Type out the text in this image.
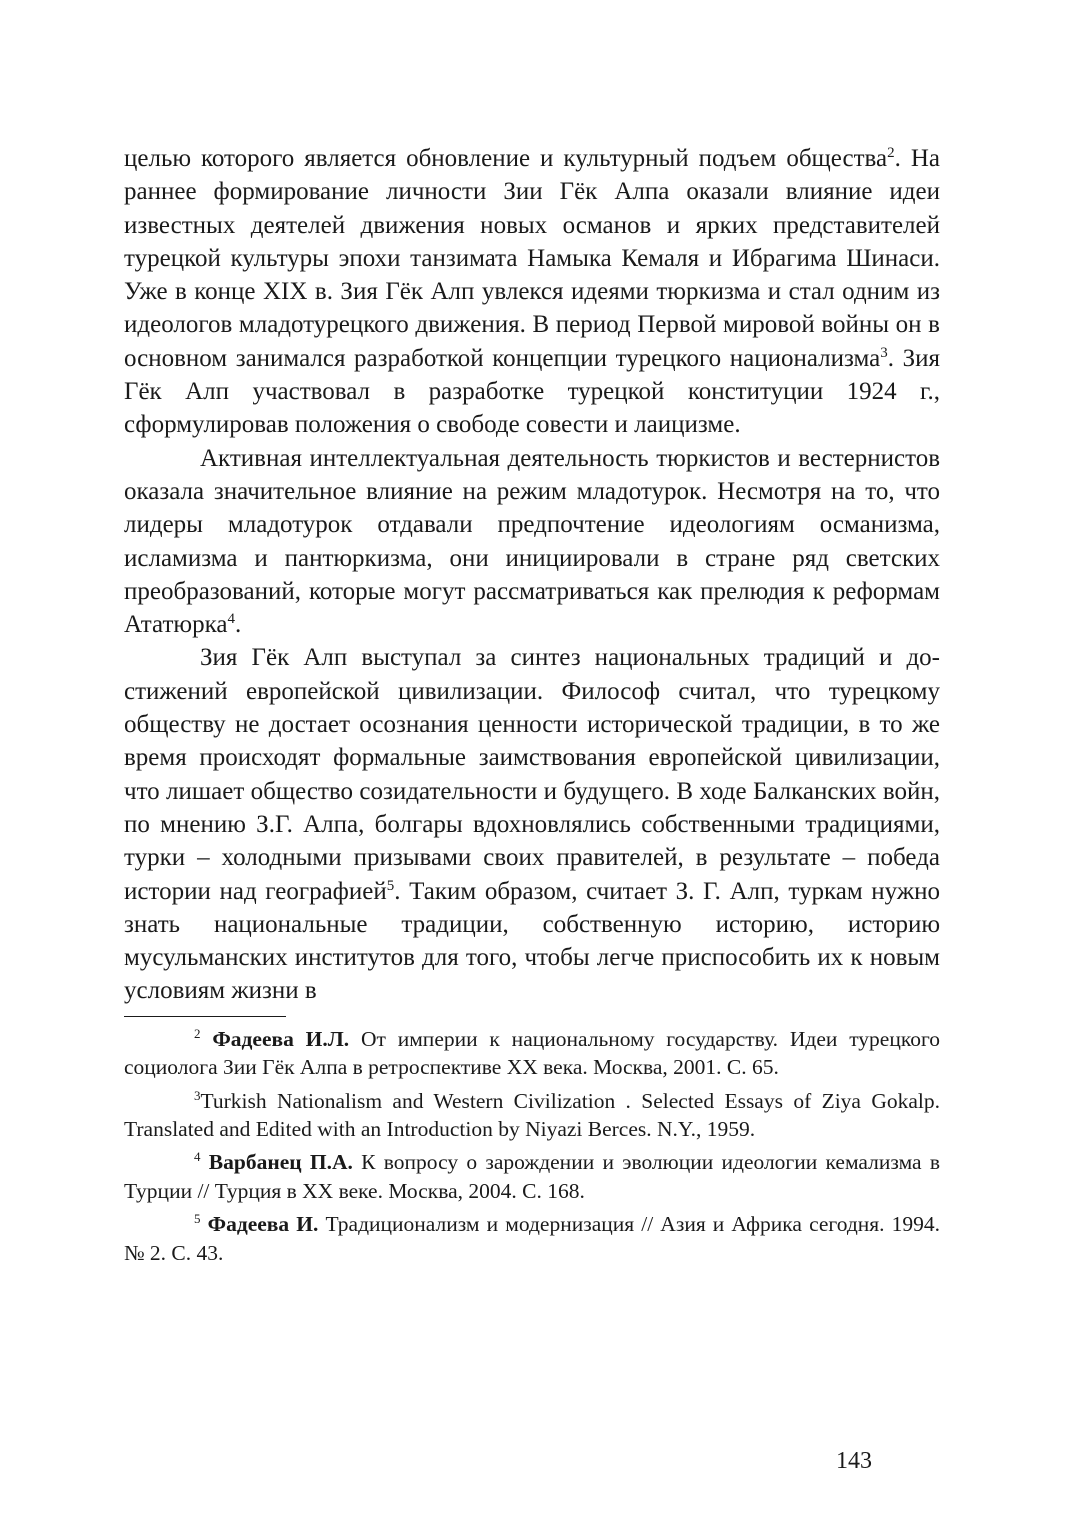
целью которого является обновление и культурный подъем общества$^2$. На раннее формирование личности Зии Гёк Алпа оказали влияние идеи известных деятелей движения новых османов и ярких представителей турецкой культуры эпохи танзимата Намыка Кемаля и Ибрагима Шинаси. Уже в конце XIX в. Зия Гёк Алп увлекся идеями тюркизма и стал одним из идеологов младотурецкого движения. В период Первой мировой войны он в основном занимался разработкой концепции турецкого национализма$^3$. Зия Гёк Алп участвовал в разработке турецкой конституции 1924 г., сформулировав положения о свободе совести и лаицизме.

Активная интеллектуальная деятельность тюркистов и вестернистов оказала значительное влияние на режим младотурок. Несмотря на то, что лидеры младотурок отдавали предпочтение идеологиям османизма, исламизма и пантюркизма, они инициировали в стране ряд светских преобразований, которые могут рассматриваться как прелюдия к реформам Ататюрка$^4$.

Зия Гёк Алп выступал за синтез национальных традиций и достижений европейской цивилизации. Философ считал, что турецкому обществу не достает осознания ценности исторической традиции, в то же время происходят формальные заимствования европейской цивилизации, что лишает общество созидательности и будущего. В ходе Балканских войн, по мнению З.Г. Алпа, болгары вдохновлялись собственными традициями, турки – холодными призывами своих правителей, в результате – победа истории над географией$^5$. Таким образом, считает З. Г. Алп, туркам нужно знать национальные традиции, собственную историю, историю мусульманских институтов для того, чтобы легче приспособить их к новым условиям жизни в

$^2$ Фадеева И.Л. От империи к национальному государству. Идеи турецкого социолога Зии Гёк Алпа в ретроспективе XX века. Москва, 2001. С. 65.

$^3$Turkish Nationalism and Western Civilization . Selected Essays of Ziya Gokalp. Translated and Edited with an Introduction by Niyazi Berces. N.Y., 1959.

$^4$ Варбанец П.А. К вопросу о зарождении и эволюции идеологии кемализма в Турции // Турция в XX веке. Москва, 2004. С. 168.

$^5$ Фадеева И. Традиционализм и модернизация // Азия и Африка сегодня. 1994. № 2. С. 43.

143
